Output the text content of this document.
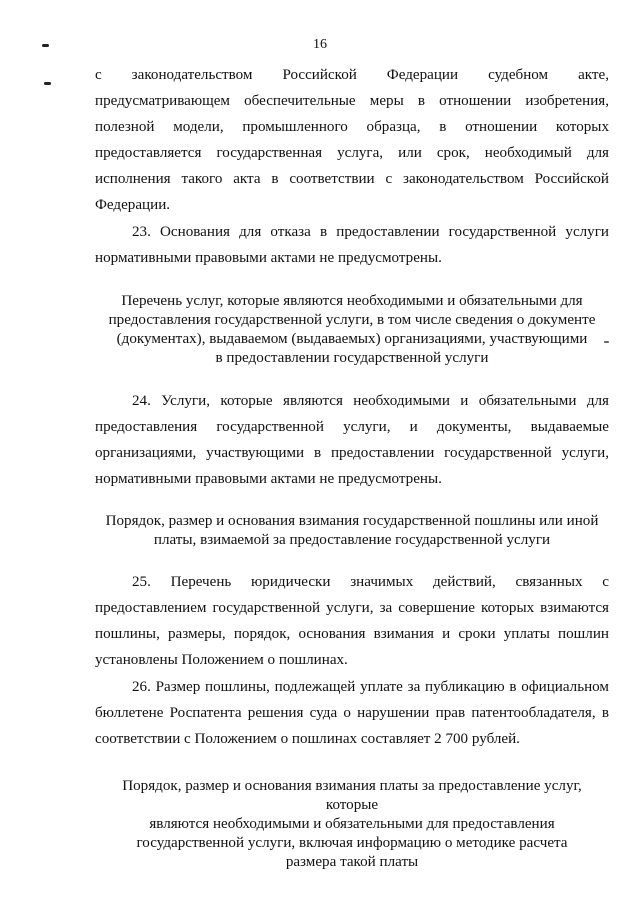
16

с законодательством Российской Федерации судебном акте, предусматривающем обеспечительные меры в отношении изобретения, полезной модели, промышленного образца, в отношении которых предоставляется государственная услуга, или срок, необходимый для исполнения такого акта в соответствии с законодательством Российской Федерации.

23. Основания для отказа в предоставлении государственной услуги нормативными правовыми актами не предусмотрены.

Перечень услуг, которые являются необходимыми и обязательными для
предоставления государственной услуги, в том числе сведения о документе
(документах), выдаваемом (выдаваемых) организациями, участвующими
в предоставлении государственной услуги

24. Услуги, которые являются необходимыми и обязательными для предоставления государственной услуги, и документы, выдаваемые организациями, участвующими в предоставлении государственной услуги, нормативными правовыми актами не предусмотрены.

Порядок, размер и основания взимания государственной пошлины или иной
платы, взимаемой за предоставление государственной услуги

25. Перечень юридически значимых действий, связанных с предоставлением государственной услуги, за совершение которых взимаются пошлины, размеры, порядок, основания взимания и сроки уплаты пошлин установлены Положением о пошлинах.

26. Размер пошлины, подлежащей уплате за публикацию в официальном бюллетене Роспатента решения суда о нарушении прав патентообладателя, в соответствии с Положением о пошлинах составляет 2 700 рублей.

Порядок, размер и основания взимания платы за предоставление услуг, которые
являются необходимыми и обязательными для предоставления
государственной услуги, включая информацию о методике расчета
размера такой платы
